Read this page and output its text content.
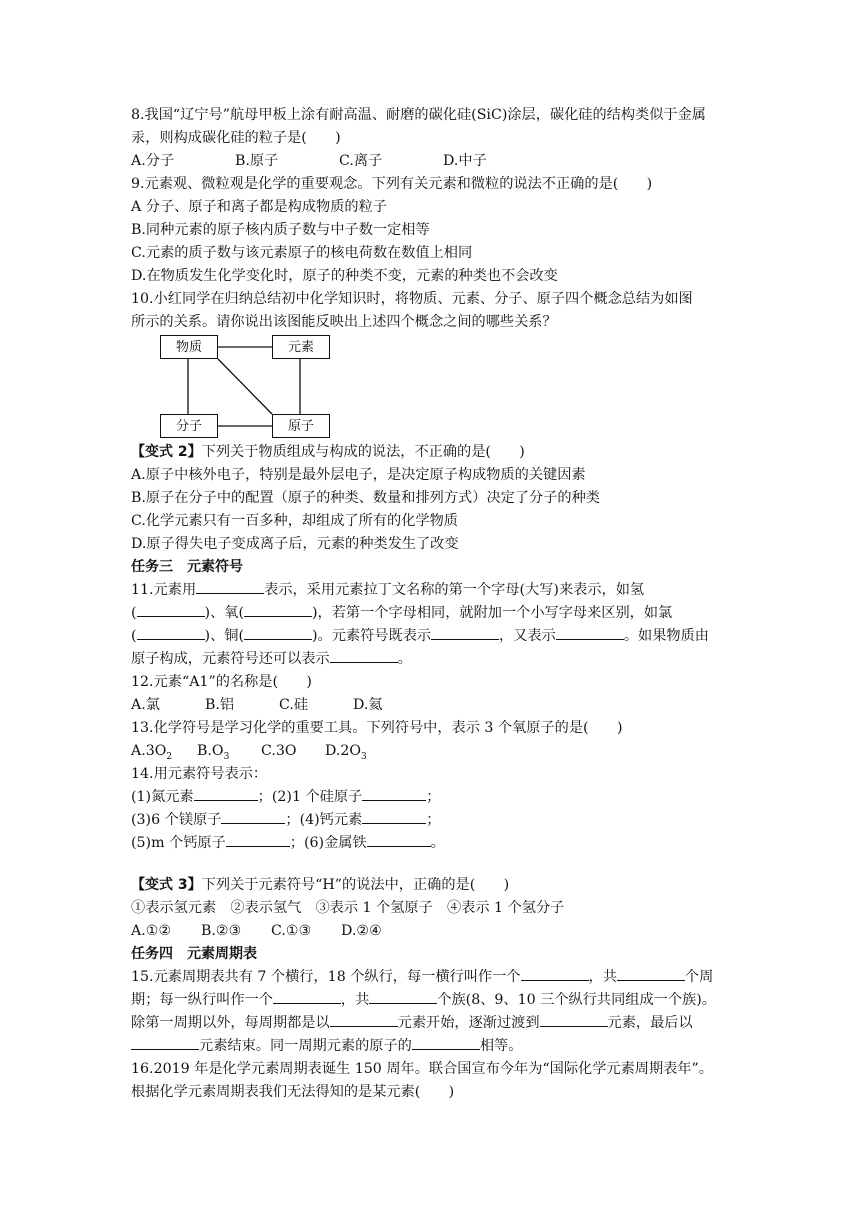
8.我国“辽宁号”航母甲板上涂有耐高温、耐磨的碳化硅(SiC)涂层，碳化硅的结构类似于金属

汞，则构成碳化硅的粒子是(　　)

A.分子	B.原子	C.离子	D.中子

9.元素观、微粒观是化学的重要观念。下列有关元素和微粒的说法不正确的是(　　)

A 分子、原子和离子都是构成物质的粒子

B.同种元素的原子核内质子数与中子数一定相等

C.元素的质子数与该元素原子的核电荷数在数值上相同

D.在物质发生化学变化时，原子的种类不变，元素的种类也不会改变

10.小红同学在归纳总结初中化学知识时，将物质、元素、分子、原子四个概念总结为如图

所示的关系。请你说出该图能反映出上述四个概念之间的哪些关系？

物质	元素
分子	原子

【变式 2】下列关于物质组成与构成的说法，不正确的是(　　)

A.原子中核外电子，特别是最外层电子，是决定原子构成物质的关键因素

B.原子在分子中的配置（原子的种类、数量和排列方式）决定了分子的种类

C.化学元素只有一百多种，却组成了所有的化学物质

D.原子得失电子变成离子后，元素的种类发生了改变

任务三　元素符号

11.元素用	表示，采用元素拉丁文名称的第一个字母(大写)来表示，如氢

(	)、氧(	)，若第一个字母相同，就附加一个小写字母来区别，如氯

(	)、铜(	)。元素符号既表示	，又表示	。如果物质由

原子构成，元素符号还可以表示	。

12.元素“A1”的名称是(　　)

A.氯	B.铝	C.硅	D.氦

13.化学符号是学习化学的重要工具。下列符号中，表示 3 个氧原子的是(　　)

$A.3O_2$ $B.O_3$ C.3O $D.2O_3$

14.用元素符号表示：

(1)氮元素	；(2)1 个硅原子	；

(3)6 个镁原子	；(4)钙元素	；

(5)m 个钙原子	；(6)金属铁	。

【变式 3】下列关于元素符号“H”的说法中，正确的是(　　)

①表示氢元素　②表示氢气　③表示 1 个氢原子　④表示 1 个氢分子

A.①② B.②③ C.①③ D.②④

任务四　元素周期表

15.元素周期表共有 7 个横行，18 个纵行，每一横行叫作一个	，共	个周

期；每一纵行叫作一个	，共	个族(8、9、10 三个纵行共同组成一个族)。

除第一周期以外，每周期都是以	元素开始，逐渐过渡到	元素，最后以

元素结束。同一周期元素的原子的	相等。

16.2019 年是化学元素周期表诞生 150 周年。联合国宣布今年为“国际化学元素周期表年”。

根据化学元素周期表我们无法得知的是某元素(　　)
